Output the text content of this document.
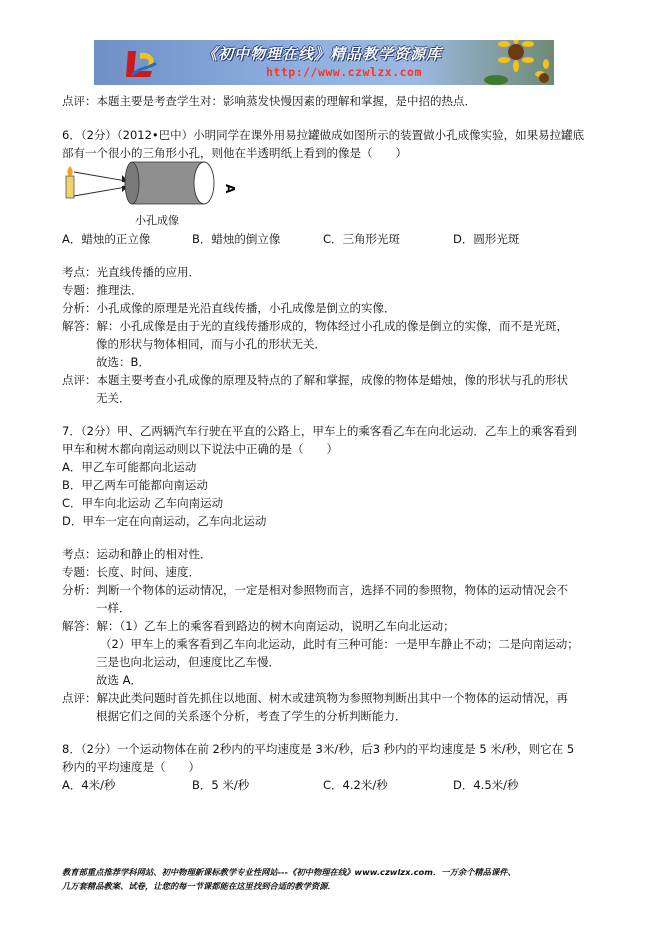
《初中物理在线》精品教学资源库
http://www.czwlzx.com
点评：本题主要是考查学生对：影响蒸发快慢因素的理解和掌握，是中招的热点．
6．（2分）（2012•巴中）小明同学在课外用易拉罐做成如图所示的装置做小孔成像实验，如果易拉罐底
部有一个很小的三角形小孔，则他在半透明纸上看到的像是（　　）
A
小孔成像
A．蜡烛的正立像	B．蜡烛的倒立像	C．三角形光斑	D．圆形光斑
考点：光直线传播的应用．
专题：推理法．
分析：小孔成像的原理是光沿直线传播，小孔成像是倒立的实像．
解答：解：小孔成像是由于光的直线传播形成的，物体经过小孔成的像是倒立的实像，而不是光斑，
像的形状与物体相同，而与小孔的形状无关．
故选：B．
点评：本题主要考查小孔成像的原理及特点的了解和掌握，成像的物体是蜡烛，像的形状与孔的形状
无关．
7．（2分）甲、乙两辆汽车行驶在平直的公路上，甲车上的乘客看乙车在向北运动．乙车上的乘客看到
甲车和树木都向南运动则以下说法中正确的是（　　）
A．甲乙车可能都向北运动
B．甲乙两车可能都向南运动
C．甲车向北运动 乙车向南运动
D．甲车一定在向南运动，乙车向北运动
考点：运动和静止的相对性．
专题：长度、时间、速度．
分析：判断一个物体的运动情况，一定是相对参照物而言，选择不同的参照物，物体的运动情况会不
一样．
解答：解：（1）乙车上的乘客看到路边的树木向南运动，说明乙车向北运动；
（2）甲车上的乘客看到乙车向北运动，此时有三种可能：一是甲车静止不动；二是向南运动；
三是也向北运动，但速度比乙车慢．
故选 A．
点评：解决此类问题时首先抓住以地面、树木或建筑物为参照物判断出其中一个物体的运动情况，再
根据它们之间的关系逐个分析，考查了学生的分析判断能力．
8．（2分）一个运动物体在前 2秒内的平均速度是 3米/秒，后3 秒内的平均速度是 5 米/秒，则它在 5
秒内的平均速度是（　　）
A．4米/秒	B．5 米/秒	C．4.2米/秒	D．4.5米/秒
教育部重点推荐学科网站、初中物理新课标教学专业性网站---《初中物理在线》www.czwlzx.com．一万余个精品课件、
几万套精品教案、试卷，让您的每一节课都能在这里找到合适的教学资源．
